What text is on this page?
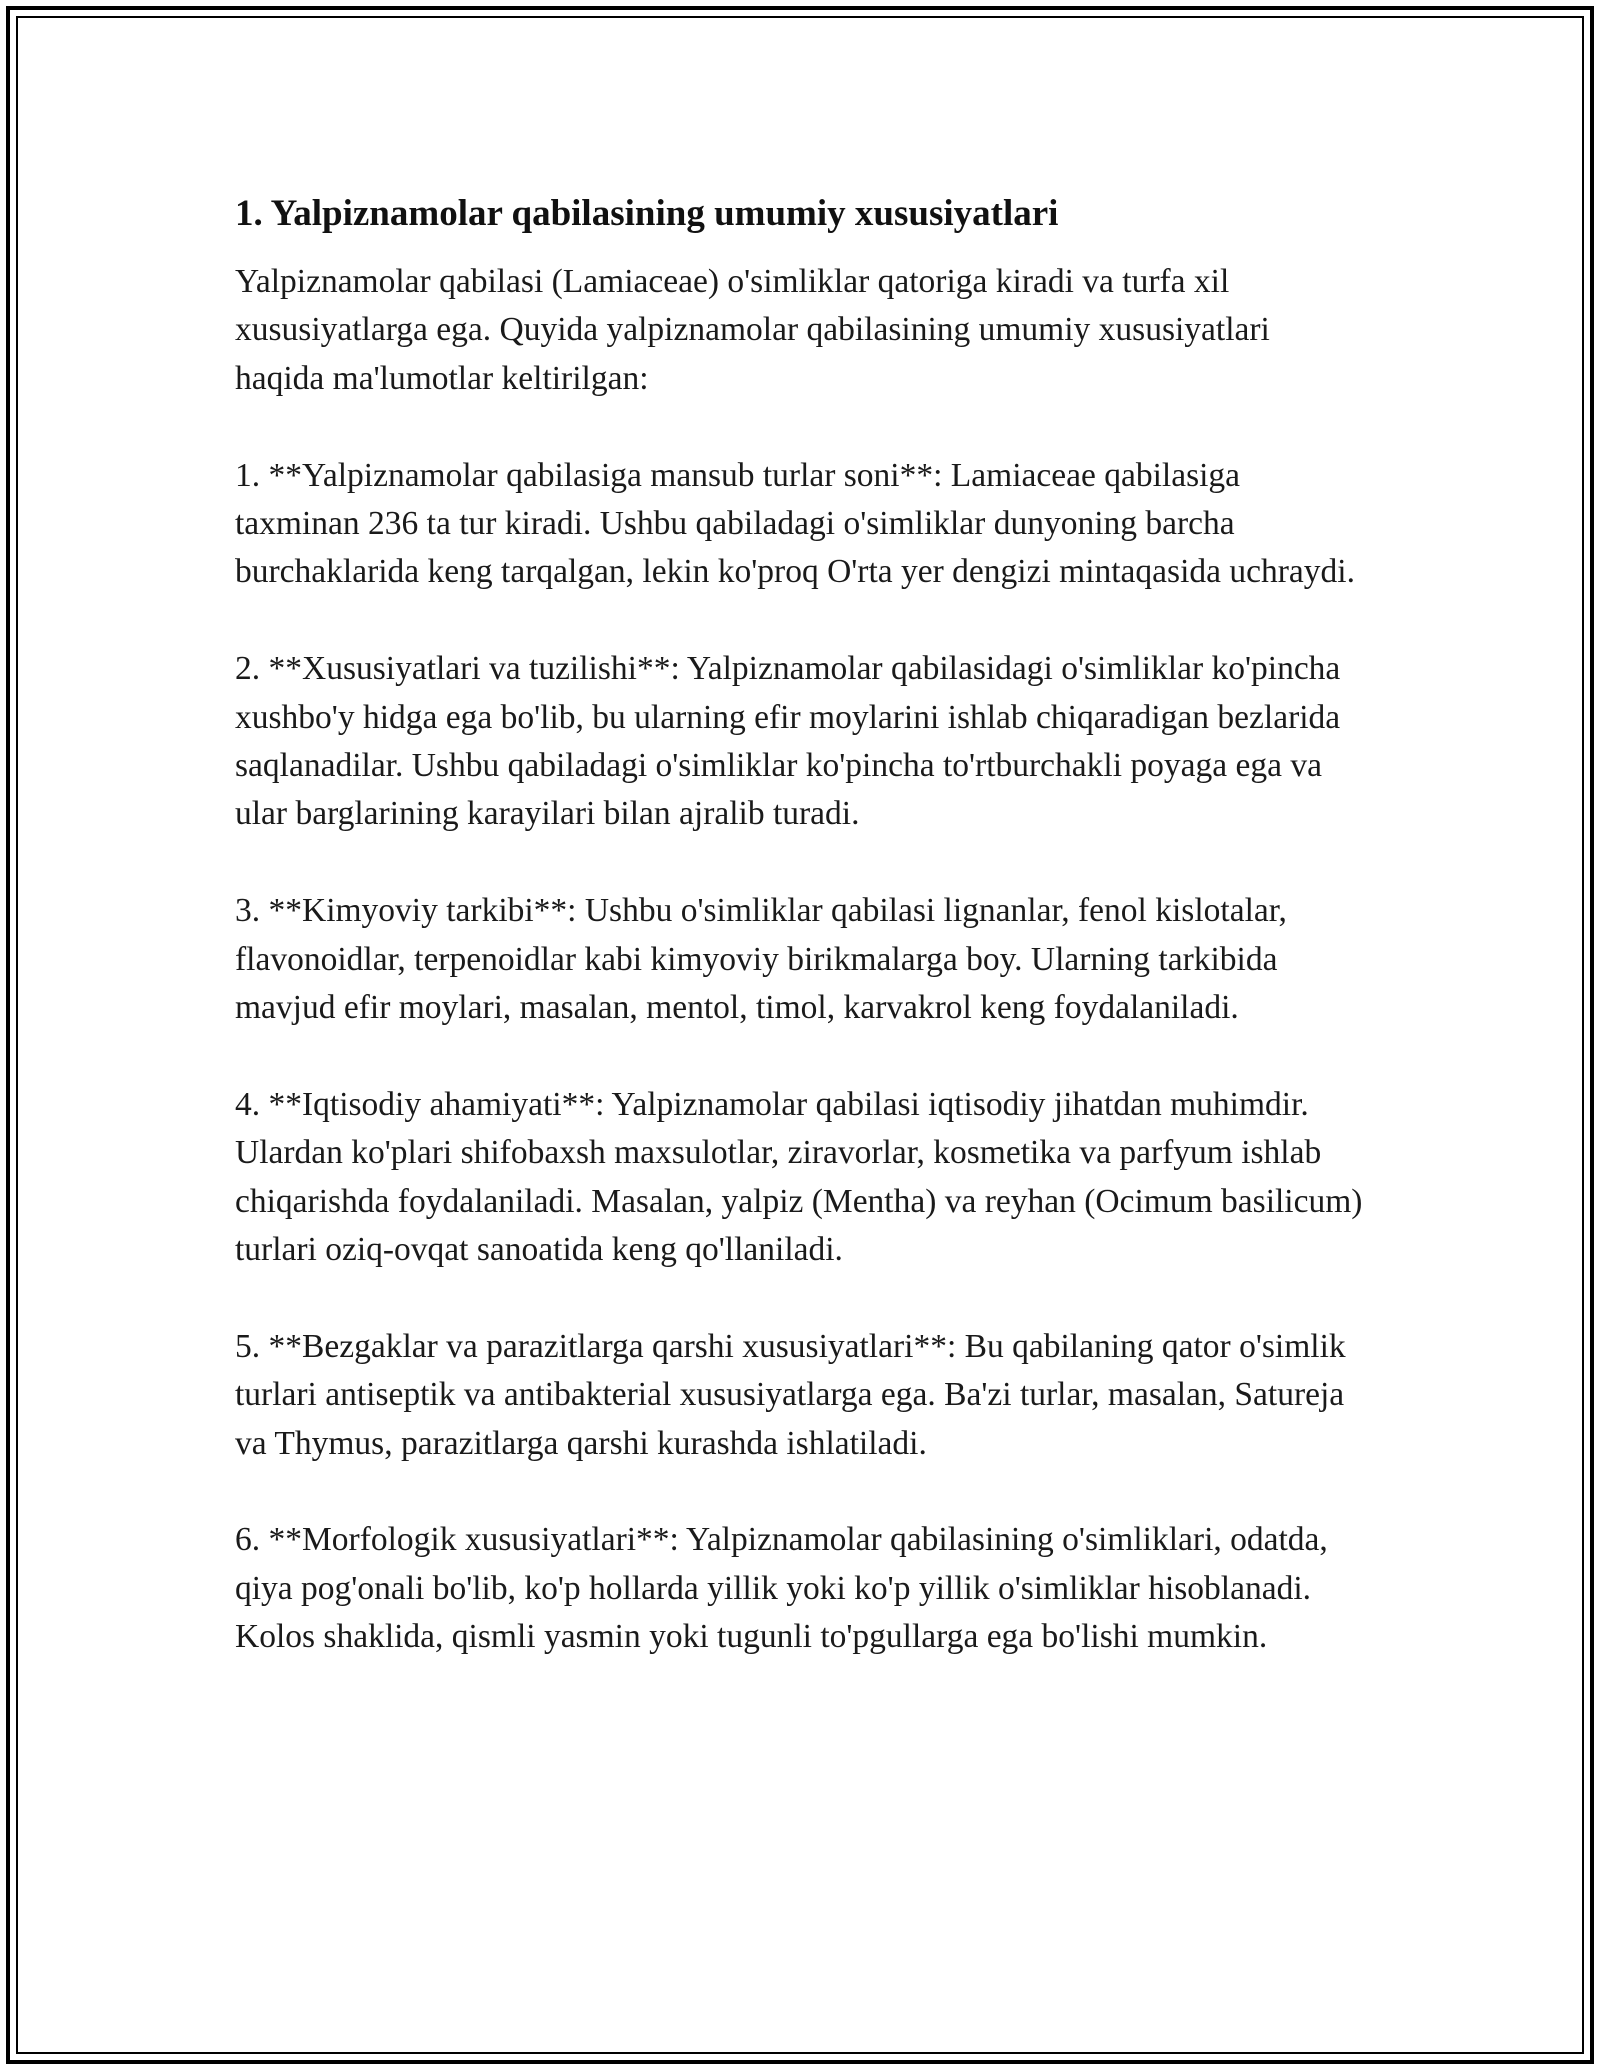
1. Yalpiznamolar qabilasining umumiy xususiyatlari

Yalpiznamolar qabilasi (Lamiaceae) o'simliklar qatoriga kiradi va turfa xil xususiyatlarga ega. Quyida yalpiznamolar qabilasining umumiy xususiyatlari haqida ma'lumotlar keltirilgan:

1. **Yalpiznamolar qabilasiga mansub turlar soni**: Lamiaceae qabilasiga taxminan 236 ta tur kiradi. Ushbu qabiladagi o'simliklar dunyoning barcha burchaklarida keng tarqalgan, lekin ko'proq O'rta yer dengizi mintaqasida uchraydi.

2. **Xususiyatlari va tuzilishi**: Yalpiznamolar qabilasidagi o'simliklar ko'pincha xushbo'y hidga ega bo'lib, bu ularning efir moylarini ishlab chiqaradigan bezlarida saqlanadilar. Ushbu qabiladagi o'simliklar ko'pincha to'rtburchakli poyaga ega va ular barglarining karayilari bilan ajralib turadi.

3. **Kimyoviy tarkibi**: Ushbu o'simliklar qabilasi lignanlar, fenol kislotalar, flavonoidlar, terpenoidlar kabi kimyoviy birikmalarga boy. Ularning tarkibida mavjud efir moylari, masalan, mentol, timol, karvakrol keng foydalaniladi.

4. **Iqtisodiy ahamiyati**: Yalpiznamolar qabilasi iqtisodiy jihatdan muhimdir. Ulardan ko'plari shifobaxsh maxsulotlar, ziravorlar, kosmetika va parfyum ishlab chiqarishda foydalaniladi. Masalan, yalpiz (Mentha) va reyhan (Ocimum basilicum) turlari oziq-ovqat sanoatida keng qo'llaniladi.

5. **Bezgaklar va parazitlarga qarshi xususiyatlari**: Bu qabilaning qator o'simlik turlari antiseptik va antibakterial xususiyatlarga ega. Ba'zi turlar, masalan, Satureja va Thymus, parazitlarga qarshi kurashda ishlatiladi.

6. **Morfologik xususiyatlari**: Yalpiznamolar qabilasining o'simliklari, odatda, qiya pog'onali bo'lib, ko'p hollarda yillik yoki ko'p yillik o'simliklar hisoblanadi. Kolos shaklida, qismli yasmin yoki tugunli to'pgullarga ega bo'lishi mumkin.
